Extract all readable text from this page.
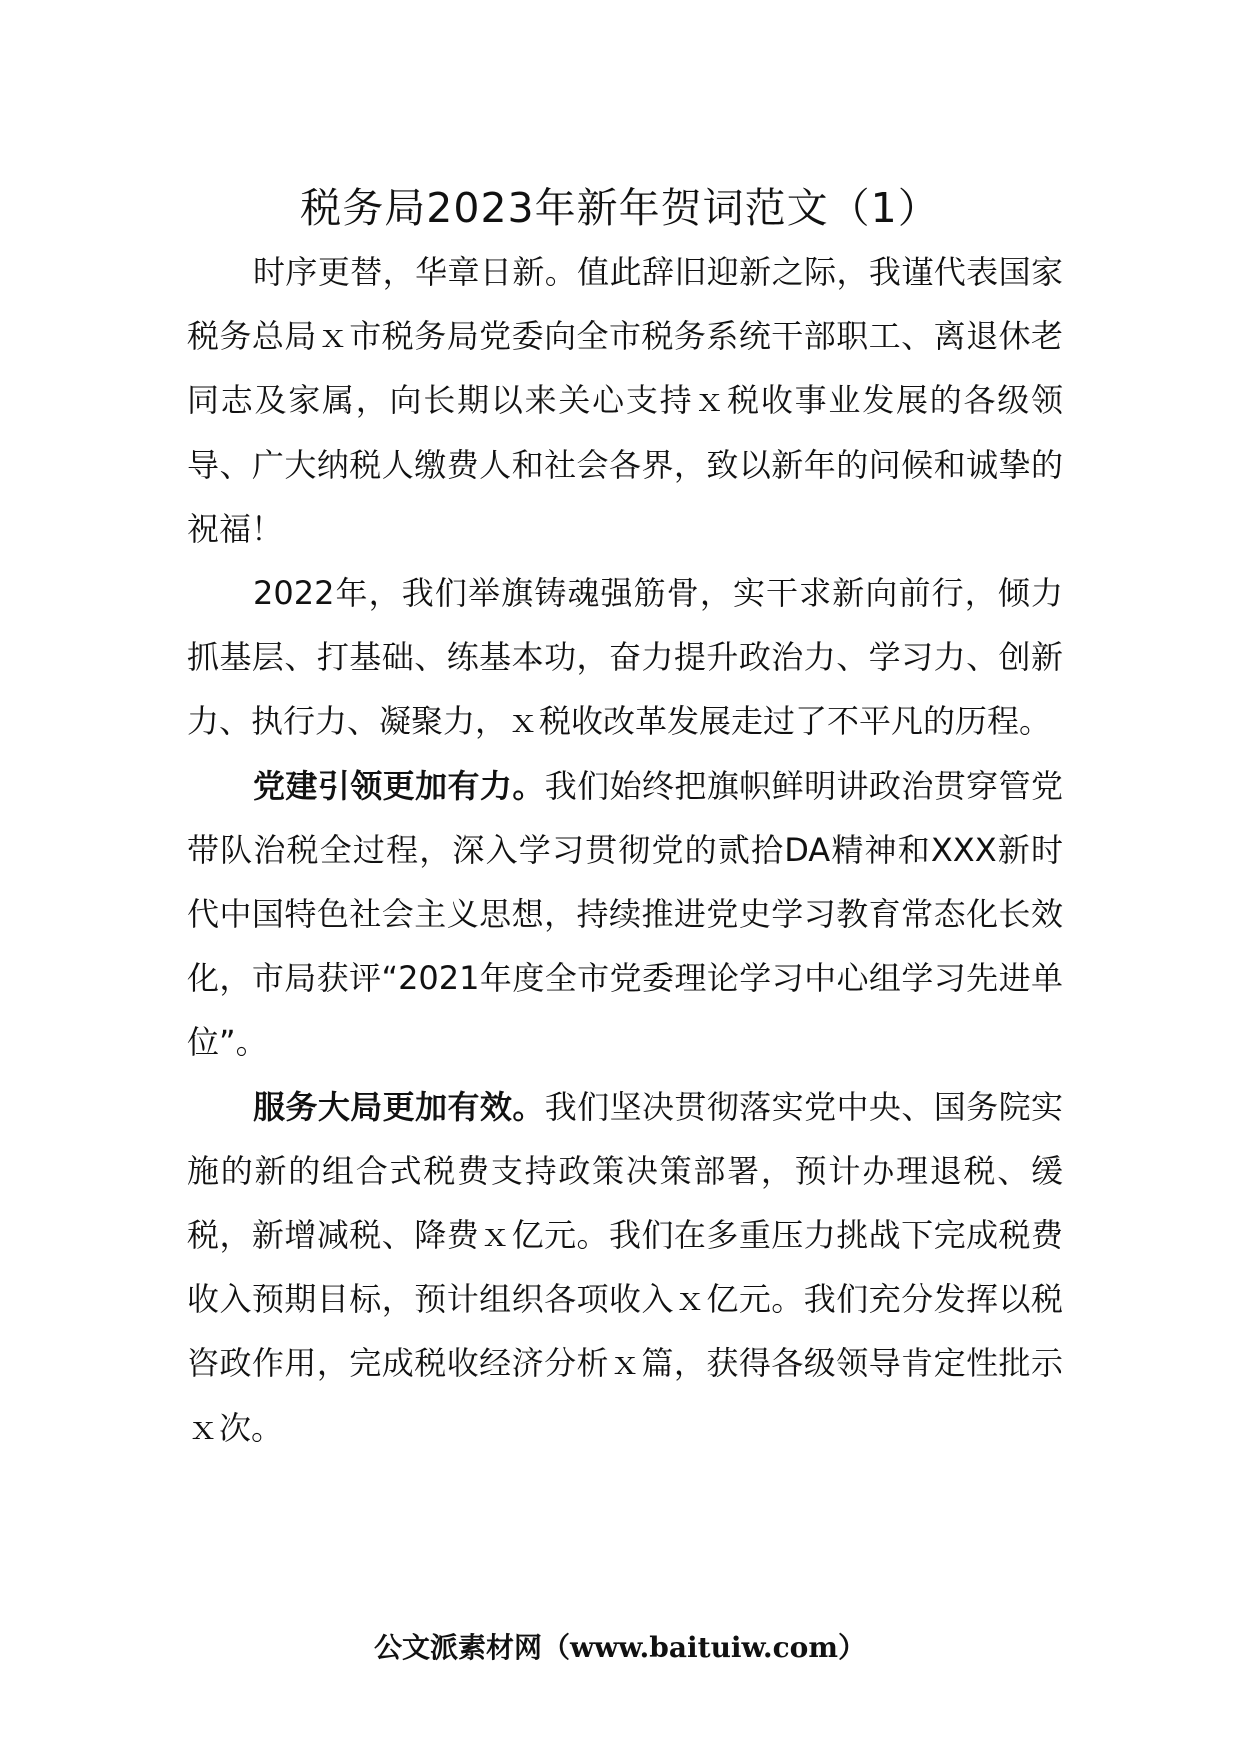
税务局2023年新年贺词范文（1）

时序更替，华章日新。值此辞旧迎新之际，我谨代表国家税务总局ｘ市税务局党委向全市税务系统干部职工、离退休老同志及家属，向长期以来关心支持ｘ税收事业发展的各级领导、广大纳税人缴费人和社会各界，致以新年的问候和诚挚的祝福！

2022年，我们举旗铸魂强筋骨，实干求新向前行，倾力抓基层、打基础、练基本功，奋力提升政治力、学习力、创新力、执行力、凝聚力，ｘ税收改革发展走过了不平凡的历程。

党建引领更加有力。我们始终把旗帜鲜明讲政治贯穿管党带队治税全过程，深入学习贯彻党的贰拾DA精神和XXX新时代中国特色社会主义思想，持续推进党史学习教育常态化长效化，市局获评“2021年度全市党委理论学习中心组学习先进单位”。

服务大局更加有效。我们坚决贯彻落实党中央、国务院实施的新的组合式税费支持政策决策部署，预计办理退税、缓税，新增减税、降费ｘ亿元。我们在多重压力挑战下完成税费收入预期目标，预计组织各项收入ｘ亿元。我们充分发挥以税咨政作用，完成税收经济分析ｘ篇，获得各级领导肯定性批示ｘ次。

公文派素材网（www.baituiw.com）
